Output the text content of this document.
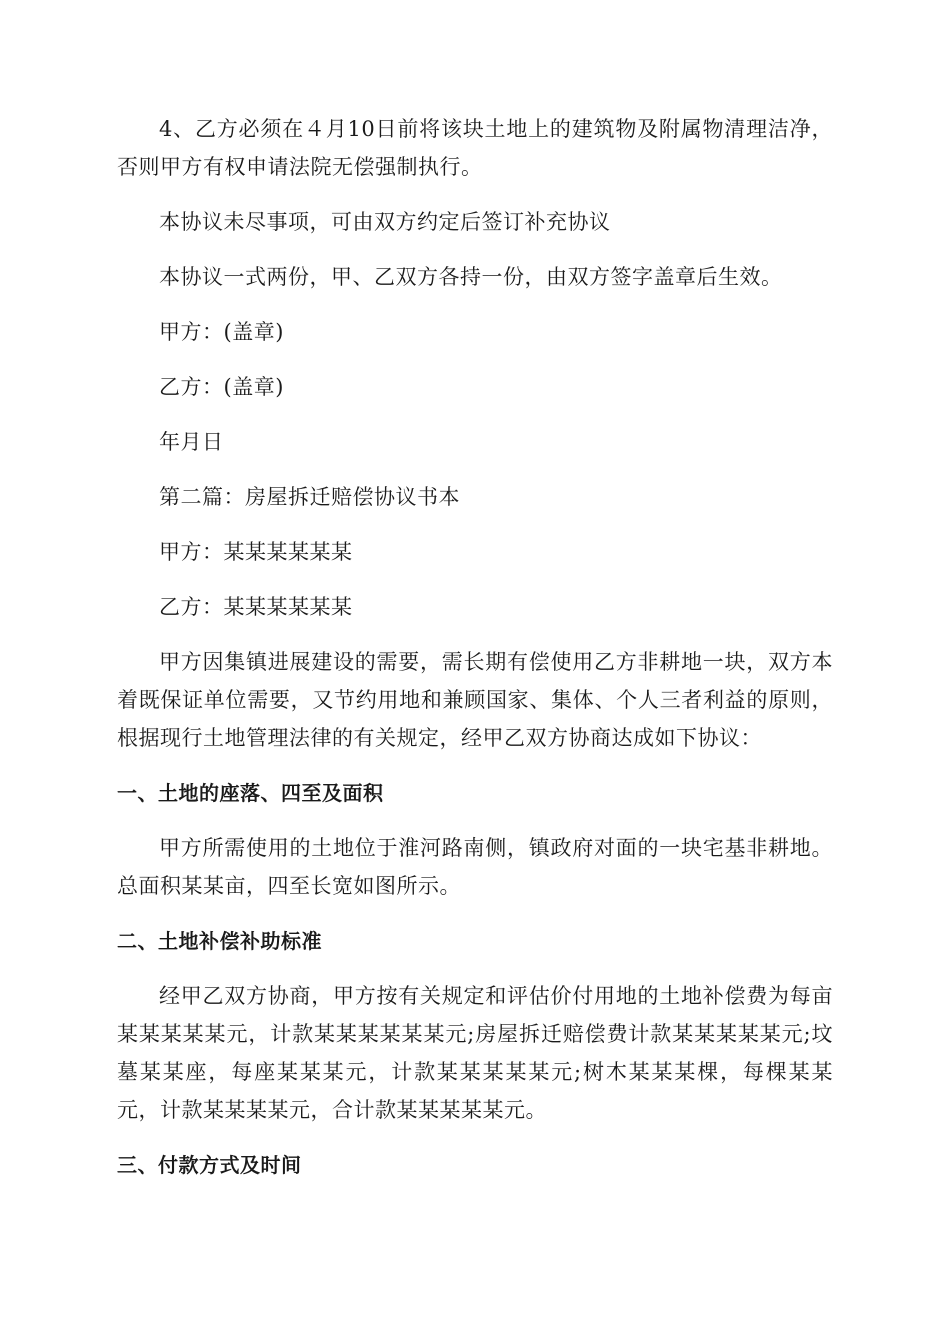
4、乙方必须在４月10日前将该块土地上的建筑物及附属物清理洁净，否则甲方有权申请法院无偿强制执行。

本协议未尽事项，可由双方约定后签订补充协议

本协议一式两份，甲、乙双方各持一份，由双方签字盖章后生效。

甲方：(盖章)

乙方：(盖章)

年月日

第二篇：房屋拆迁赔偿协议书本

甲方：某某某某某某

乙方：某某某某某某

甲方因集镇进展建设的需要，需长期有偿使用乙方非耕地一块，双方本着既保证单位需要，又节约用地和兼顾国家、集体、个人三者利益的原则，根据现行土地管理法律的有关规定，经甲乙双方协商达成如下协议：

一、土地的座落、四至及面积

甲方所需使用的土地位于淮河路南侧，镇政府对面的一块宅基非耕地。总面积某某亩，四至长宽如图所示。

二、土地补偿补助标准

经甲乙双方协商，甲方按有关规定和评估价付用地的土地补偿费为每亩某某某某某元，计款某某某某某某元;房屋拆迁赔偿费计款某某某某某元;坟墓某某座，每座某某某元，计款某某某某某元;树木某某某棵，每棵某某元，计款某某某某元，合计款某某某某某元。

三、付款方式及时间
